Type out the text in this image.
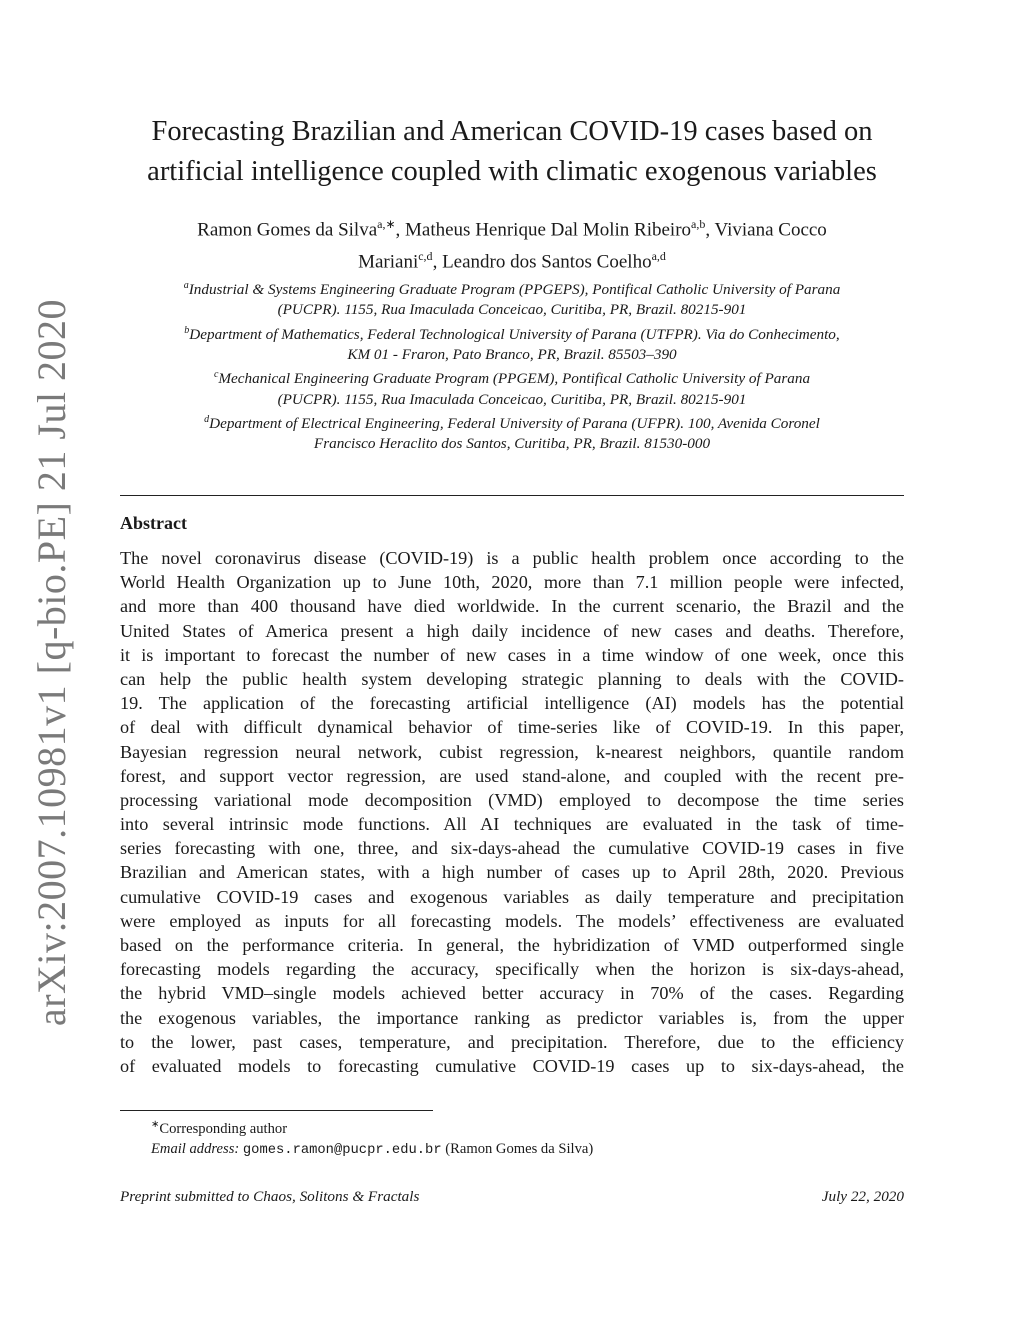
arXiv:2007.10981v1 [q-bio.PE] 21 Jul 2020
Forecasting Brazilian and American COVID-19 cases based on
artificial intelligence coupled with climatic exogenous variables
Ramon Gomes da Silva$^{a,∗}$, Matheus Henrique Dal Molin Ribeiro$^{a,b}$, Viviana Cocco
Mariani$^{c,d}$, Leandro dos Santos Coelho$^{a,d}$
$^a$Industrial & Systems Engineering Graduate Program (PPGEPS), Pontifical Catholic University of Parana
(PUCPR). 1155, Rua Imaculada Conceicao, Curitiba, PR, Brazil. 80215-901
$^b$Department of Mathematics, Federal Technological University of Parana (UTFPR). Via do Conhecimento,
KM 01 - Fraron, Pato Branco, PR, Brazil. 85503–390
$^c$Mechanical Engineering Graduate Program (PPGEM), Pontifical Catholic University of Parana
(PUCPR). 1155, Rua Imaculada Conceicao, Curitiba, PR, Brazil. 80215-901
$^d$Department of Electrical Engineering, Federal University of Parana (UFPR). 100, Avenida Coronel
Francisco Heraclito dos Santos, Curitiba, PR, Brazil. 81530-000
Abstract
The novel coronavirus disease (COVID-19) is a public health problem once according to the
World Health Organization up to June 10th, 2020, more than 7.1 million people were infected,
and more than 400 thousand have died worldwide. In the current scenario, the Brazil and the
United States of America present a high daily incidence of new cases and deaths. Therefore,
it is important to forecast the number of new cases in a time window of one week, once this
can help the public health system developing strategic planning to deals with the COVID-
19. The application of the forecasting artificial intelligence (AI) models has the potential
of deal with difficult dynamical behavior of time-series like of COVID-19. In this paper,
Bayesian regression neural network, cubist regression, k-nearest neighbors, quantile random
forest, and support vector regression, are used stand-alone, and coupled with the recent pre-
processing variational mode decomposition (VMD) employed to decompose the time series
into several intrinsic mode functions. All AI techniques are evaluated in the task of time-
series forecasting with one, three, and six-days-ahead the cumulative COVID-19 cases in five
Brazilian and American states, with a high number of cases up to April 28th, 2020. Previous
cumulative COVID-19 cases and exogenous variables as daily temperature and precipitation
were employed as inputs for all forecasting models. The models’ effectiveness are evaluated
based on the performance criteria. In general, the hybridization of VMD outperformed single
forecasting models regarding the accuracy, specifically when the horizon is six-days-ahead,
the hybrid VMD–single models achieved better accuracy in 70% of the cases. Regarding
the exogenous variables, the importance ranking as predictor variables is, from the upper
to the lower, past cases, temperature, and precipitation. Therefore, due to the efficiency
of evaluated models to forecasting cumulative COVID-19 cases up to six-days-ahead, the
∗Corresponding author
Email address: gomes.ramon@pucpr.edu.br (Ramon Gomes da Silva)
Preprint submitted to Chaos, Solitons & Fractals	July 22, 2020
